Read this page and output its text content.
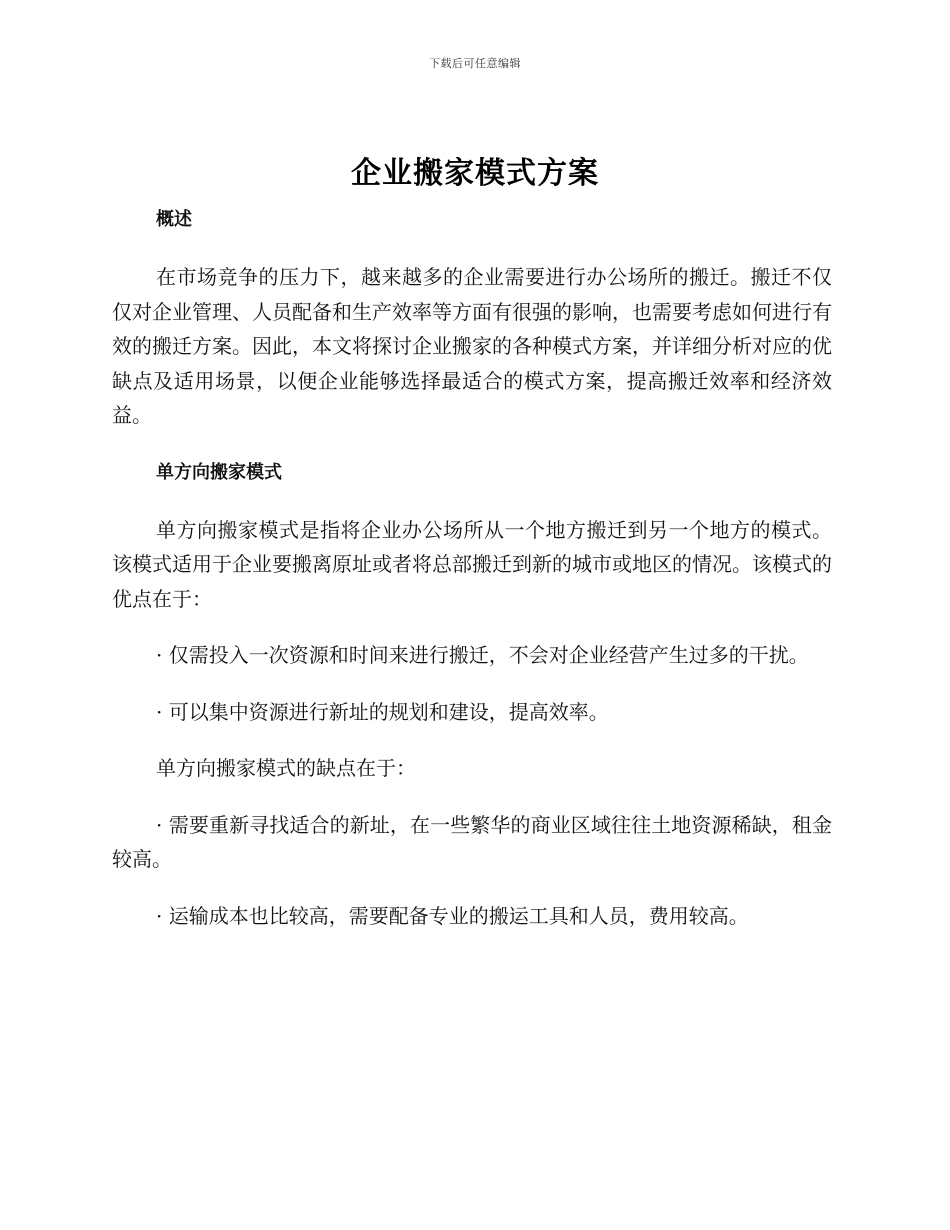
下载后可任意编辑
企业搬家模式方案

概述

在市场竞争的压力下，越来越多的企业需要进行办公场所的搬迁。搬迁不仅仅对企业管理、人员配备和生产效率等方面有很强的影响，也需要考虑如何进行有效的搬迁方案。因此，本文将探讨企业搬家的各种模式方案，并详细分析对应的优缺点及适用场景，以便企业能够选择最适合的模式方案，提高搬迁效率和经济效益。

单方向搬家模式

单方向搬家模式是指将企业办公场所从一个地方搬迁到另一个地方的模式。该模式适用于企业要搬离原址或者将总部搬迁到新的城市或地区的情况。该模式的优点在于：

· 仅需投入一次资源和时间来进行搬迁，不会对企业经营产生过多的干扰。

· 可以集中资源进行新址的规划和建设，提高效率。

单方向搬家模式的缺点在于：

· 需要重新寻找适合的新址，在一些繁华的商业区域往往土地资源稀缺，租金较高。

· 运输成本也比较高，需要配备专业的搬运工具和人员，费用较高。
